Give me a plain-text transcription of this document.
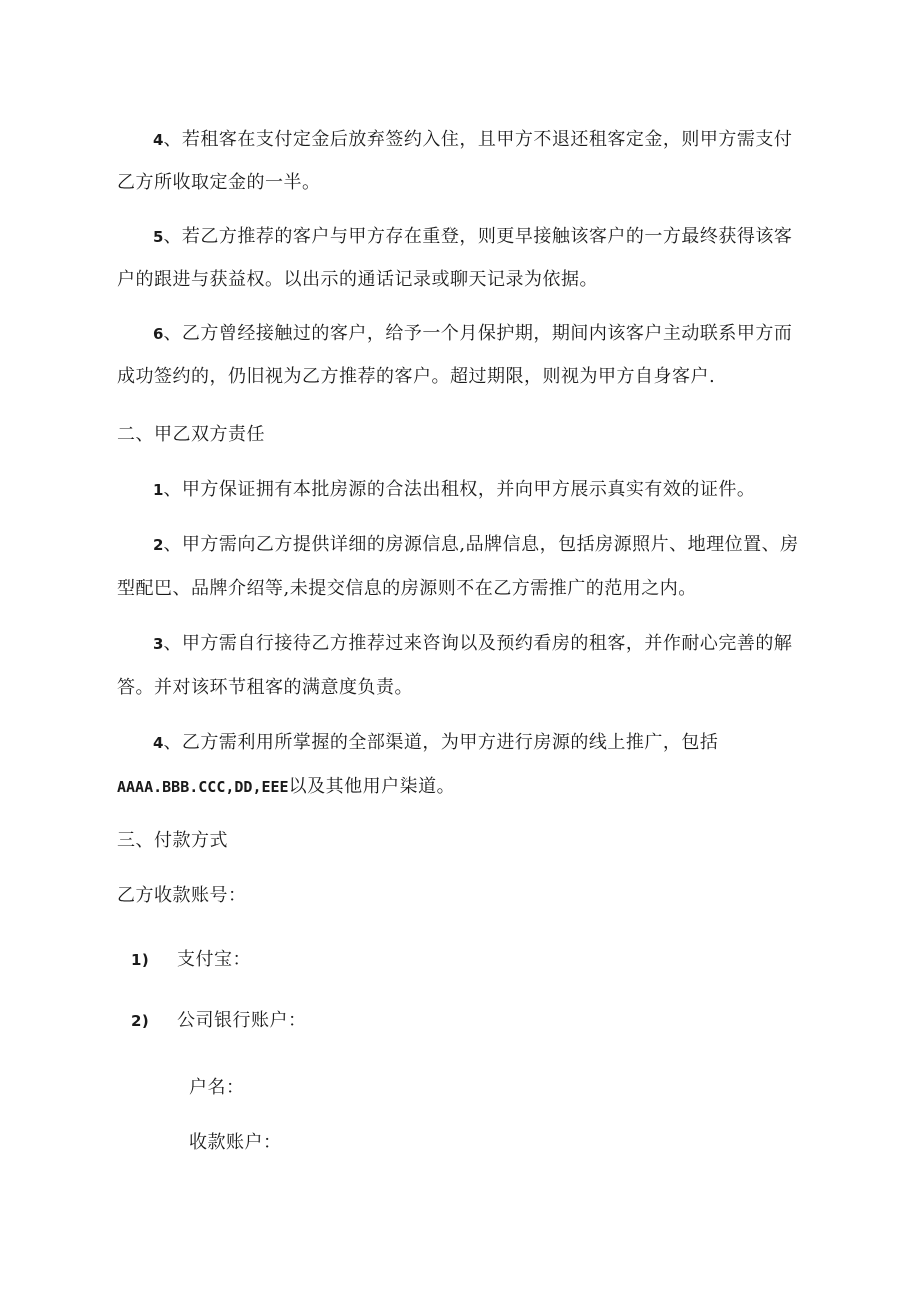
4、若租客在支付定金后放弃签约入住，且甲方不退还租客定金，则甲方需支付
乙方所收取定金的一半。
5、若乙方推荐的客户与甲方存在重登，则更早接触该客户的一方最终获得该客
户的跟进与获益权。以出示的通话记录或聊天记录为依据。
6、乙方曾经接触过的客户，给予一个月保护期，期间内该客户主动联系甲方而
成功签约的，仍旧视为乙方推荐的客户。超过期限，则视为甲方自身客户.
二、甲乙双方责任
1、甲方保证拥有本批房源的合法出租权，并向甲方展示真实有效的证件。
2、甲方需向乙方提供详细的房源信息,品牌信息，包括房源照片、地理位置、房
型配巴、品牌介绍等,未提交信息的房源则不在乙方需推广的范用之内。
3、甲方需自行接待乙方推荐过来咨询以及预约看房的租客，并作耐心完善的解
答。并对该环节租客的满意度负责。
4、乙方需利用所掌握的全部渠道，为甲方进行房源的线上推广，包括
AAAA.BBB.CCC,DD,EEE以及其他用户柒道。
三、付款方式
乙方收款账号：
1) 支付宝：
2) 公司银行账户：
户名：
收款账户：
